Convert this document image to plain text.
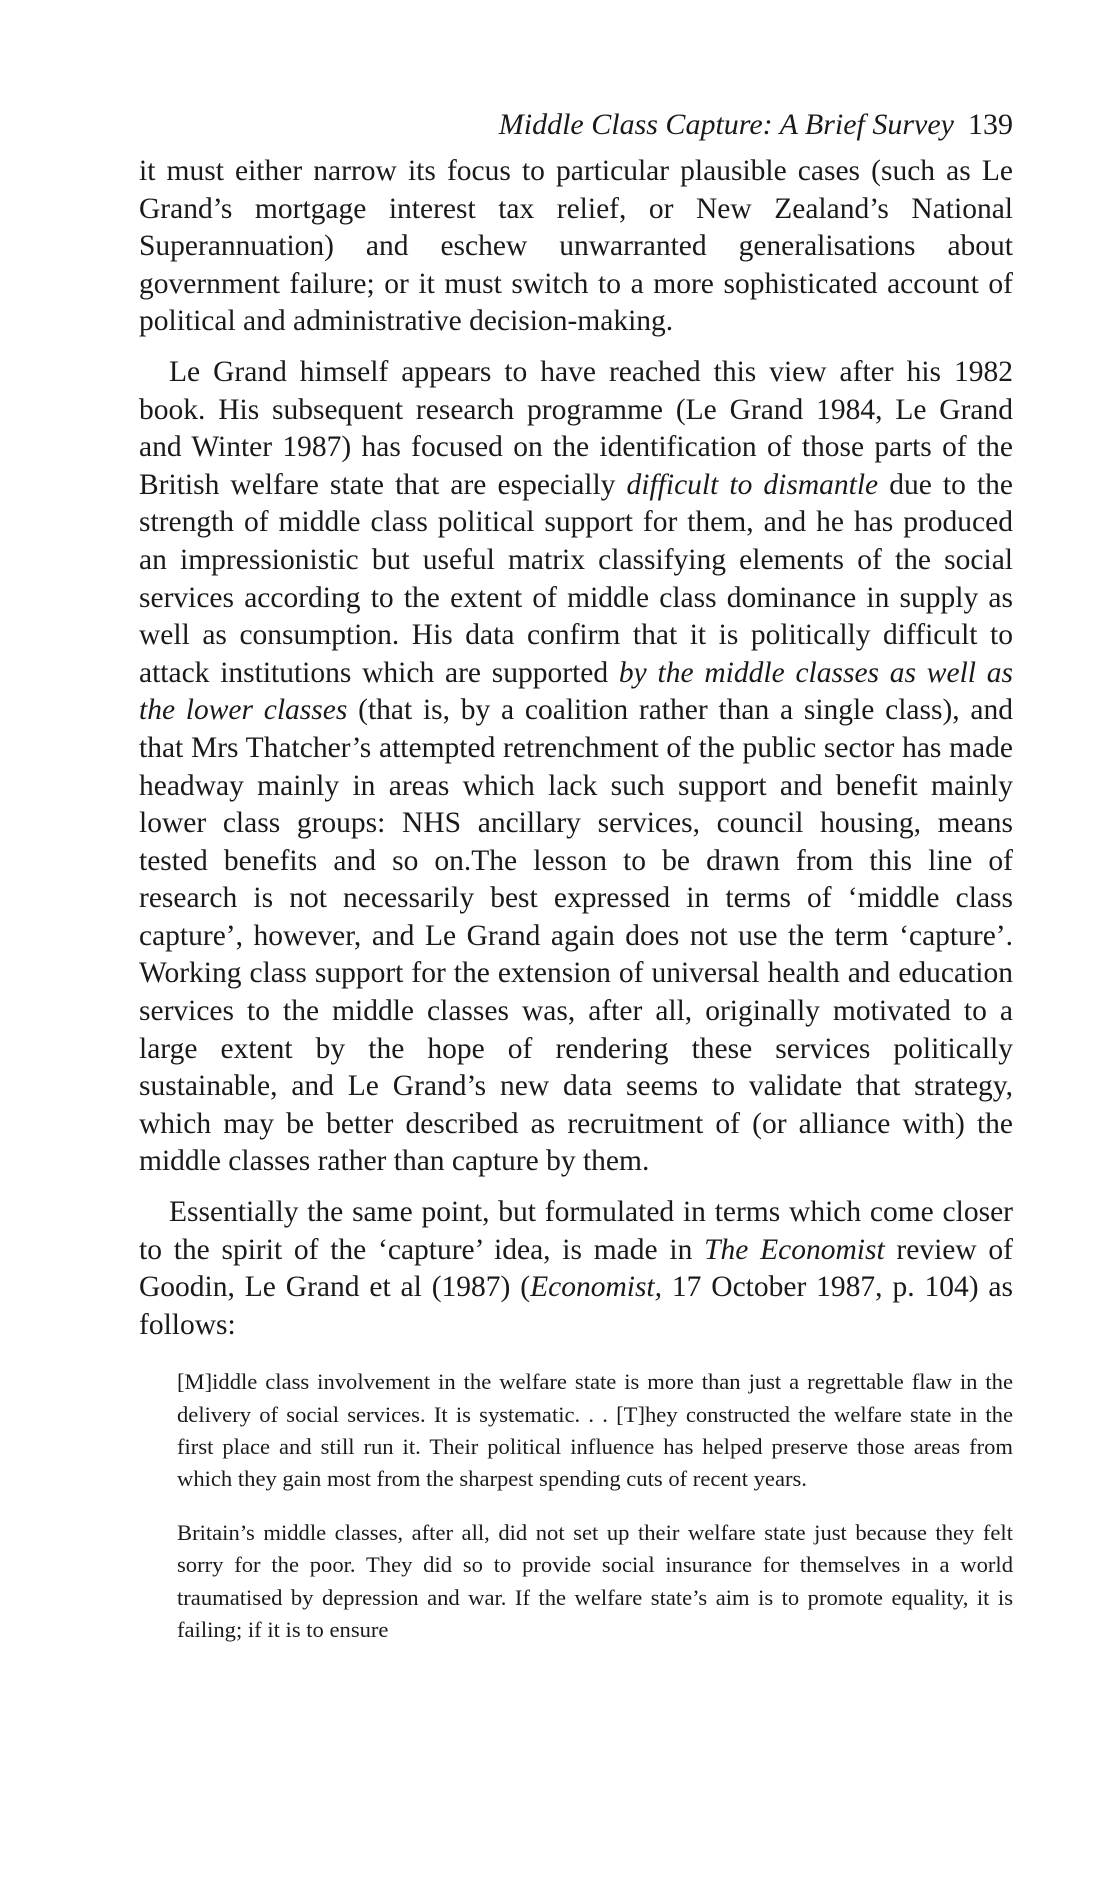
Middle Class Capture: A Brief Survey 139

it must either narrow its focus to particular plausible cases (such as Le Grand’s mortgage interest tax relief, or New Zealand’s National Superannuation) and eschew unwarranted generalisations about government failure; or it must switch to a more sophisticated account of political and administrative decision-making.

Le Grand himself appears to have reached this view after his 1982 book. His subsequent research programme (Le Grand 1984, Le Grand and Winter 1987) has focused on the identification of those parts of the British welfare state that are especially difficult to dismantle due to the strength of middle class political support for them, and he has produced an impressionistic but useful matrix classifying elements of the social services according to the extent of middle class dominance in supply as well as consumption. His data confirm that it is politically difficult to attack institutions which are supported by the middle classes as well as the lower classes (that is, by a coalition rather than a single class), and that Mrs Thatcher’s attempted retrenchment of the public sector has made headway mainly in areas which lack such support and benefit mainly lower class groups: NHS ancillary services, council housing, means tested benefits and so on.The lesson to be drawn from this line of research is not necessarily best expressed in terms of ‘middle class capture’, however, and Le Grand again does not use the term ‘capture’. Working class support for the extension of universal health and education services to the middle classes was, after all, originally motivated to a large extent by the hope of rendering these services politically sustainable, and Le Grand’s new data seems to validate that strategy, which may be better described as recruitment of (or alliance with) the middle classes rather than capture by them.

Essentially the same point, but formulated in terms which come closer to the spirit of the ‘capture’ idea, is made in The Economist review of Goodin, Le Grand et al (1987) (Economist, 17 October 1987, p. 104) as follows:

[M]iddle class involvement in the welfare state is more than just a regrettable flaw in the delivery of social services. It is systematic. . . [T]hey constructed the welfare state in the first place and still run it. Their political influence has helped preserve those areas from which they gain most from the sharpest spending cuts of recent years.

Britain’s middle classes, after all, did not set up their welfare state just because they felt sorry for the poor. They did so to provide social insurance for themselves in a world traumatised by depression and war. If the welfare state’s aim is to promote equality, it is failing; if it is to ensure
